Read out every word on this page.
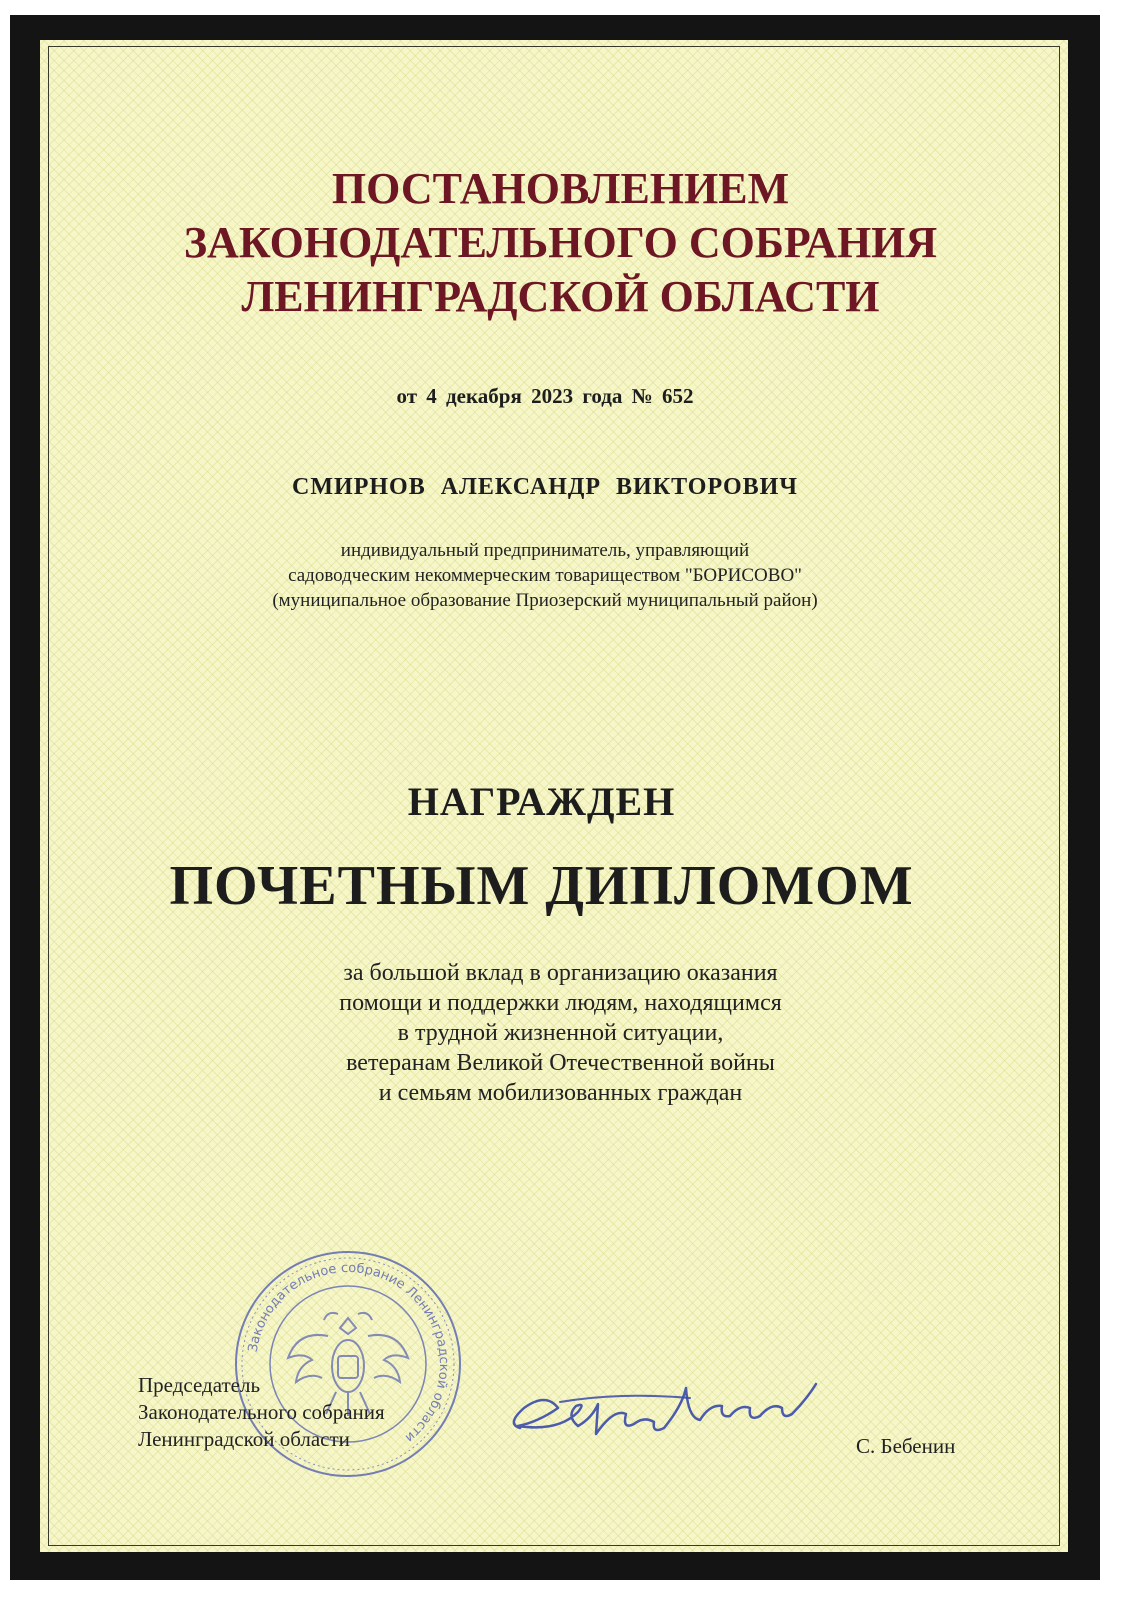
ПОСТАНОВЛЕНИЕМ
ЗАКОНОДАТЕЛЬНОГО СОБРАНИЯ
ЛЕНИНГРАДСКОЙ ОБЛАСТИ
от 4 декабря 2023 года № 652
СМИРНОВ АЛЕКСАНДР ВИКТОРОВИЧ
индивидуальный предприниматель, управляющий
садоводческим некоммерческим товариществом "БОРИСОВО"
(муниципальное образование Приозерский муниципальный район)
НАГРАЖДЕН
ПОЧЕТНЫМ ДИПЛОМОМ
за большой вклад в организацию оказания
помощи и поддержки людям, находящимся
в трудной жизненной ситуации,
ветеранам Великой Отечественной войны
и семьям мобилизованных граждан
Законодательное собрание Ленинградской области
Председатель
Законодательного собрания
Ленинградской области	С. Бебенин
